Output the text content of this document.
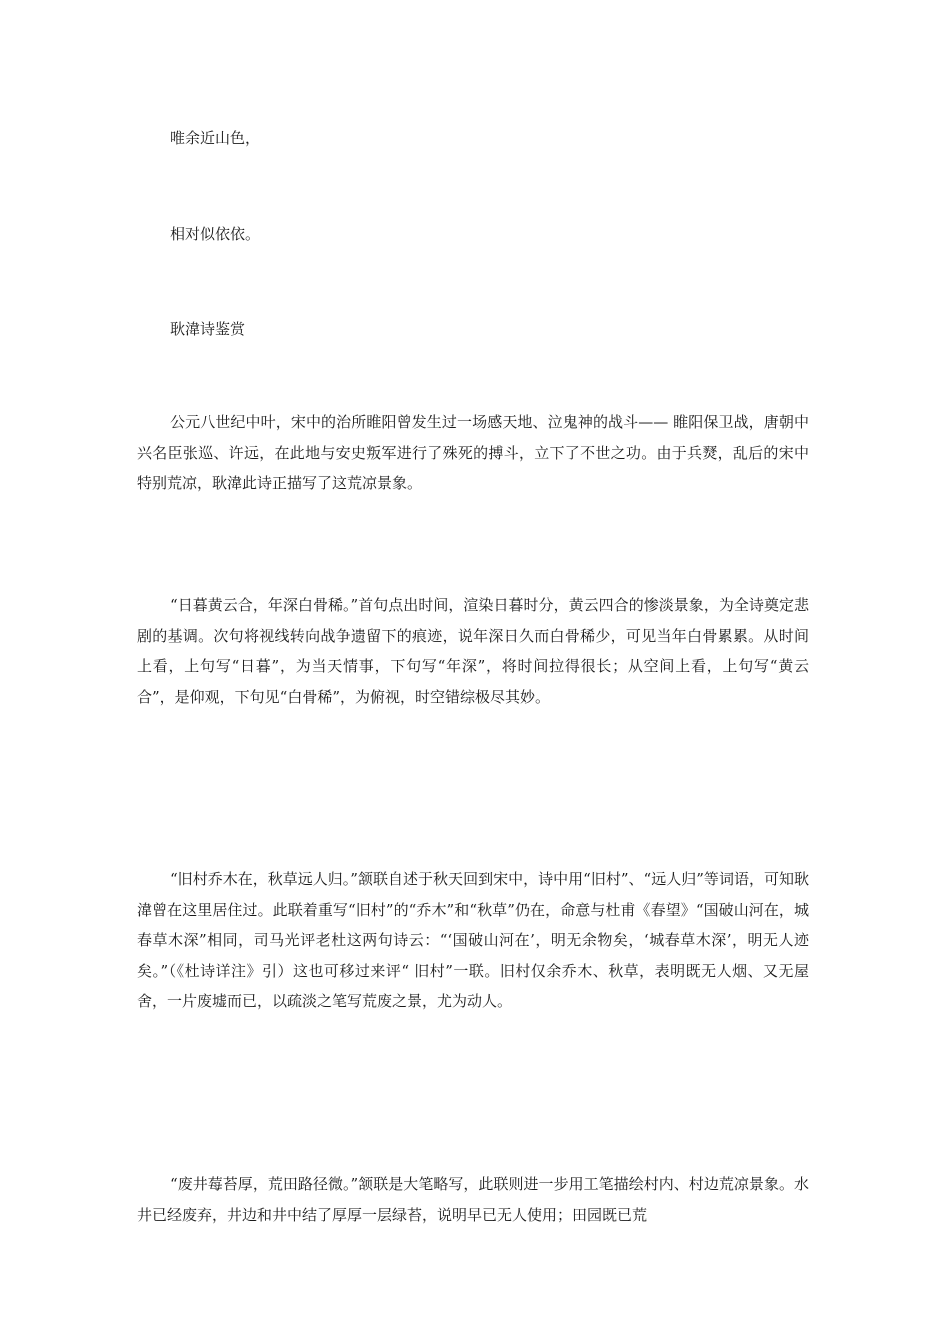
唯余近山色，
相对似依依。
耿湋诗鉴赏

公元八世纪中叶，宋中的治所睢阳曾发生过一场感天地、泣鬼神的战斗—— 睢阳保卫战，唐朝中兴名臣张巡、许远，在此地与安史叛军进行了殊死的搏斗，立下了不世之功。由于兵燹，乱后的宋中特别荒凉，耿湋此诗正描写了这荒凉景象。

“日暮黄云合，年深白骨稀。”首句点出时间，渲染日暮时分，黄云四合的惨淡景象，为全诗奠定悲剧的基调。次句将视线转向战争遗留下的痕迹，说年深日久而白骨稀少，可见当年白骨累累。从时间上看，上句写“日暮”，为当天情事，下句写“年深”，将时间拉得很长；从空间上看，上句写“黄云合”，是仰观，下句见“白骨稀”，为俯视，时空错综极尽其妙。

“旧村乔木在，秋草远人归。”颔联自述于秋天回到宋中，诗中用“旧村”、“远人归”等词语，可知耿湋曾在这里居住过。此联着重写“旧村”的“乔木”和“秋草”仍在，命意与杜甫《春望》“国破山河在，城春草木深”相同，司马光评老杜这两句诗云：“‘国破山河在’，明无余物矣，‘城春草木深’，明无人迹矣。”（《杜诗详注》引）这也可移过来评“ 旧村”一联。旧村仅余乔木、秋草，表明既无人烟、又无屋舍，一片废墟而已，以疏淡之笔写荒废之景，尤为动人。

“废井莓苔厚，荒田路径微。”颔联是大笔略写，此联则进一步用工笔描绘村内、村边荒凉景象。水井已经废弃，井边和井中结了厚厚一层绿苔，说明早已无人使用；田园既已荒
